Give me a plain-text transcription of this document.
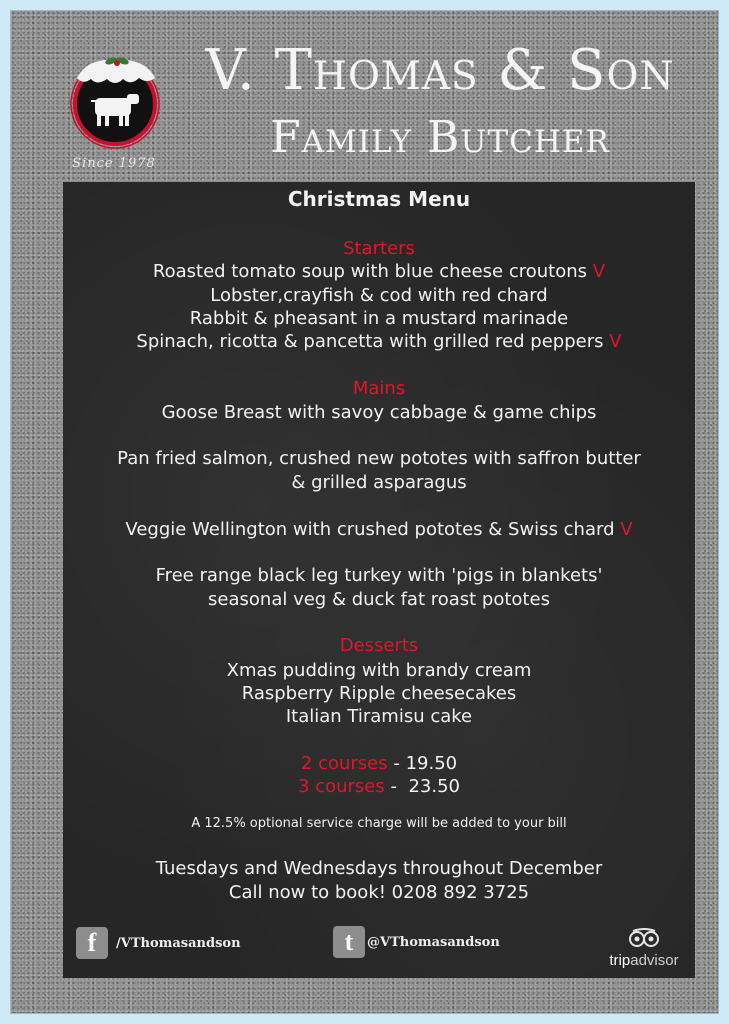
Since 1978
V. Thomas & Son
Family Butcher
Christmas Menu
Starters
Roasted tomato soup with blue cheese croutons V
Lobster,crayfish & cod with red chard
Rabbit & pheasant in a mustard marinade
Spinach, ricotta & pancetta with grilled red peppers V
Mains
Goose Breast with savoy cabbage & game chips
Pan fried salmon, crushed new pototes with saffron butter
& grilled asparagus
Veggie Wellington with crushed pototes & Swiss chard V
Free range black leg turkey with 'pigs in blankets'
seasonal veg & duck fat roast pototes
Desserts
Xmas pudding with brandy cream
Raspberry Ripple cheesecakes
Italian Tiramisu cake
2 courses - 19.50
3 courses -  23.50
A 12.5% optional service charge will be added to your bill
Tuesdays and Wednesdays throughout December
Call now to book! 0208 892 3725
f	/VThomasandson	t	@VThomasandson
tripadvisor
